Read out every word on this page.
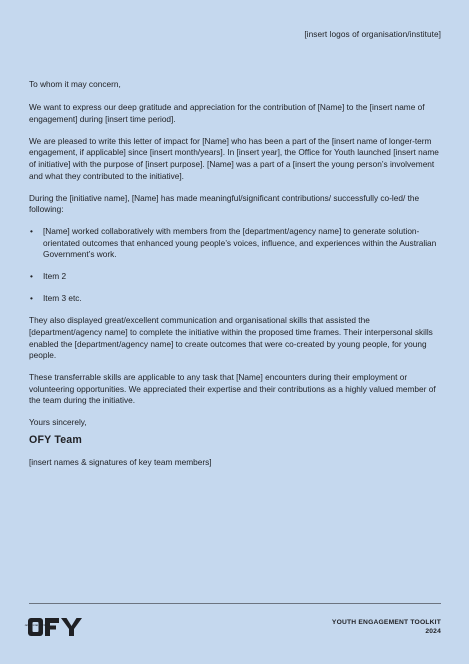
[insert logos of organisation/institute]

To whom it may concern,

We want to express our deep gratitude and appreciation for the contribution of [Name] to the [insert name of engagement] during [insert time period].

We are pleased to write this letter of impact for [Name] who has been a part of the [insert name of longer-term engagement, if applicable] since [insert month/years]. In [insert year], the Office for Youth launched [insert name of initiative] with the purpose of [insert purpose]. [Name] was a part of a [insert the young person’s involvement and what they contributed to the initiative].

During the [initiative name], [Name] has made meaningful/significant contributions/ successfully co-led/ the following:

• [Name] worked collaboratively with members from the [department/agency name] to generate solution-orientated outcomes that enhanced young people’s voices, influence, and experiences within the Australian Government’s work.
• Item 2
• Item 3 etc.

They also displayed great/excellent communication and organisational skills that assisted the [department/agency name] to complete the initiative within the proposed time frames. Their interpersonal skills enabled the [department/agency name] to create outcomes that were co-created by young people, for young people.

These transferrable skills are applicable to any task that [Name] encounters during their employment or volunteering opportunities. We appreciated their expertise and their contributions as a highly valued member of the team during the initiative.

Yours sincerely,
OFY Team
[insert names & signatures of key team members]
OFFICE FOR YOUTH	YOUTH ENGAGEMENT TOOLKIT
2024
